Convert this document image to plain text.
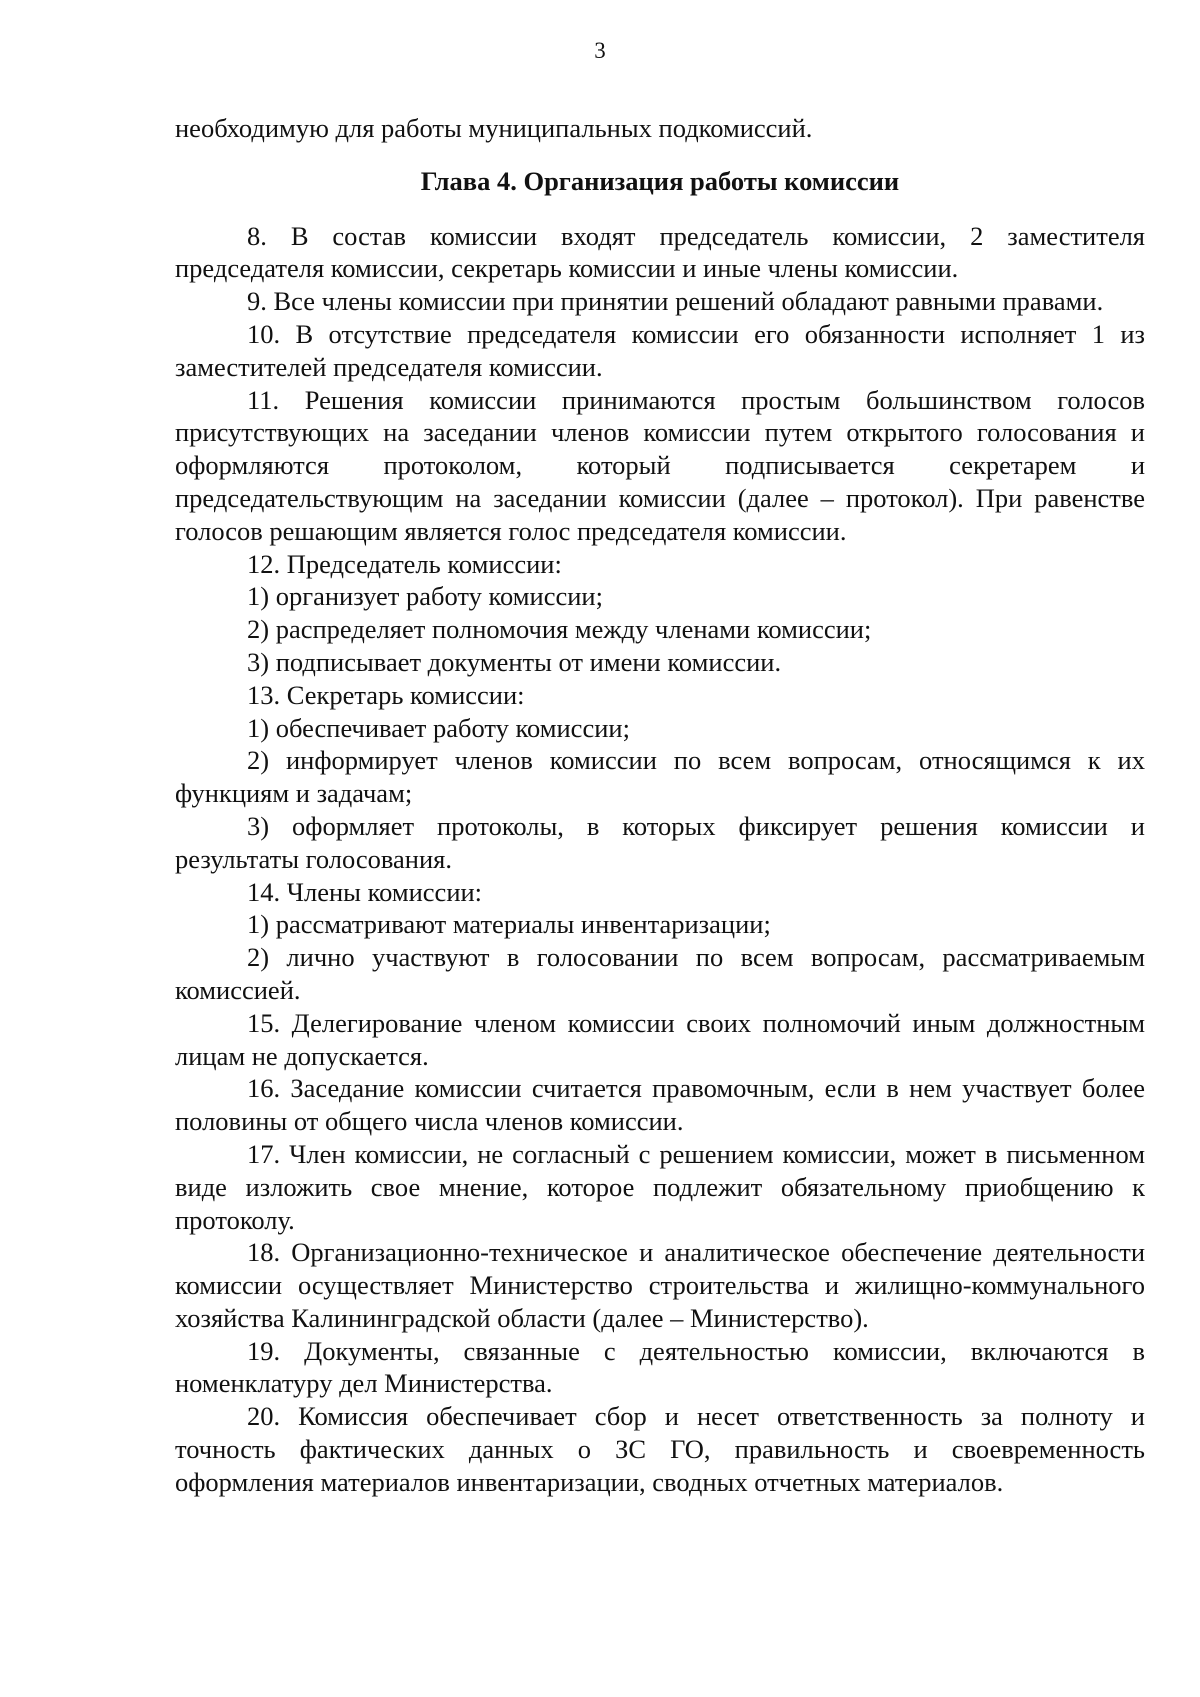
3

необходимую для работы муниципальных подкомиссий.

Глава 4. Организация работы комиссии

8. В состав комиссии входят председатель комиссии, 2 заместителя председателя комиссии, секретарь комиссии и иные члены комиссии.

9. Все члены комиссии при принятии решений обладают равными правами.

10. В отсутствие председателя комиссии его обязанности исполняет 1 из заместителей председателя комиссии.

11. Решения комиссии принимаются простым большинством голосов присутствующих на заседании членов комиссии путем открытого голосования и оформляются протоколом, который подписывается секретарем и председательствующим на заседании комиссии (далее – протокол). При равенстве голосов решающим является голос председателя комиссии.

12. Председатель комиссии:

1) организует работу комиссии;

2) распределяет полномочия между членами комиссии;

3) подписывает документы от имени комиссии.

13. Секретарь комиссии:

1) обеспечивает работу комиссии;

2) информирует членов комиссии по всем вопросам, относящимся к их функциям и задачам;

3) оформляет протоколы, в которых фиксирует решения комиссии и результаты голосования.

14. Члены комиссии:

1) рассматривают материалы инвентаризации;

2) лично участвуют в голосовании по всем вопросам, рассматриваемым комиссией.

15. Делегирование членом комиссии своих полномочий иным должностным лицам не допускается.

16. Заседание комиссии считается правомочным, если в нем участвует более половины от общего числа членов комиссии.

17. Член комиссии, не согласный с решением комиссии, может в письменном виде изложить свое мнение, которое подлежит обязательному приобщению к протоколу.

18. Организационно-техническое и аналитическое обеспечение деятельности комиссии осуществляет Министерство строительства и жилищно-коммунального хозяйства Калининградской области (далее – Министерство).

19. Документы, связанные с деятельностью комиссии, включаются в номенклатуру дел Министерства.

20. Комиссия обеспечивает сбор и несет ответственность за полноту и точность фактических данных о ЗС ГО, правильность и своевременность оформления материалов инвентаризации, сводных отчетных материалов.
